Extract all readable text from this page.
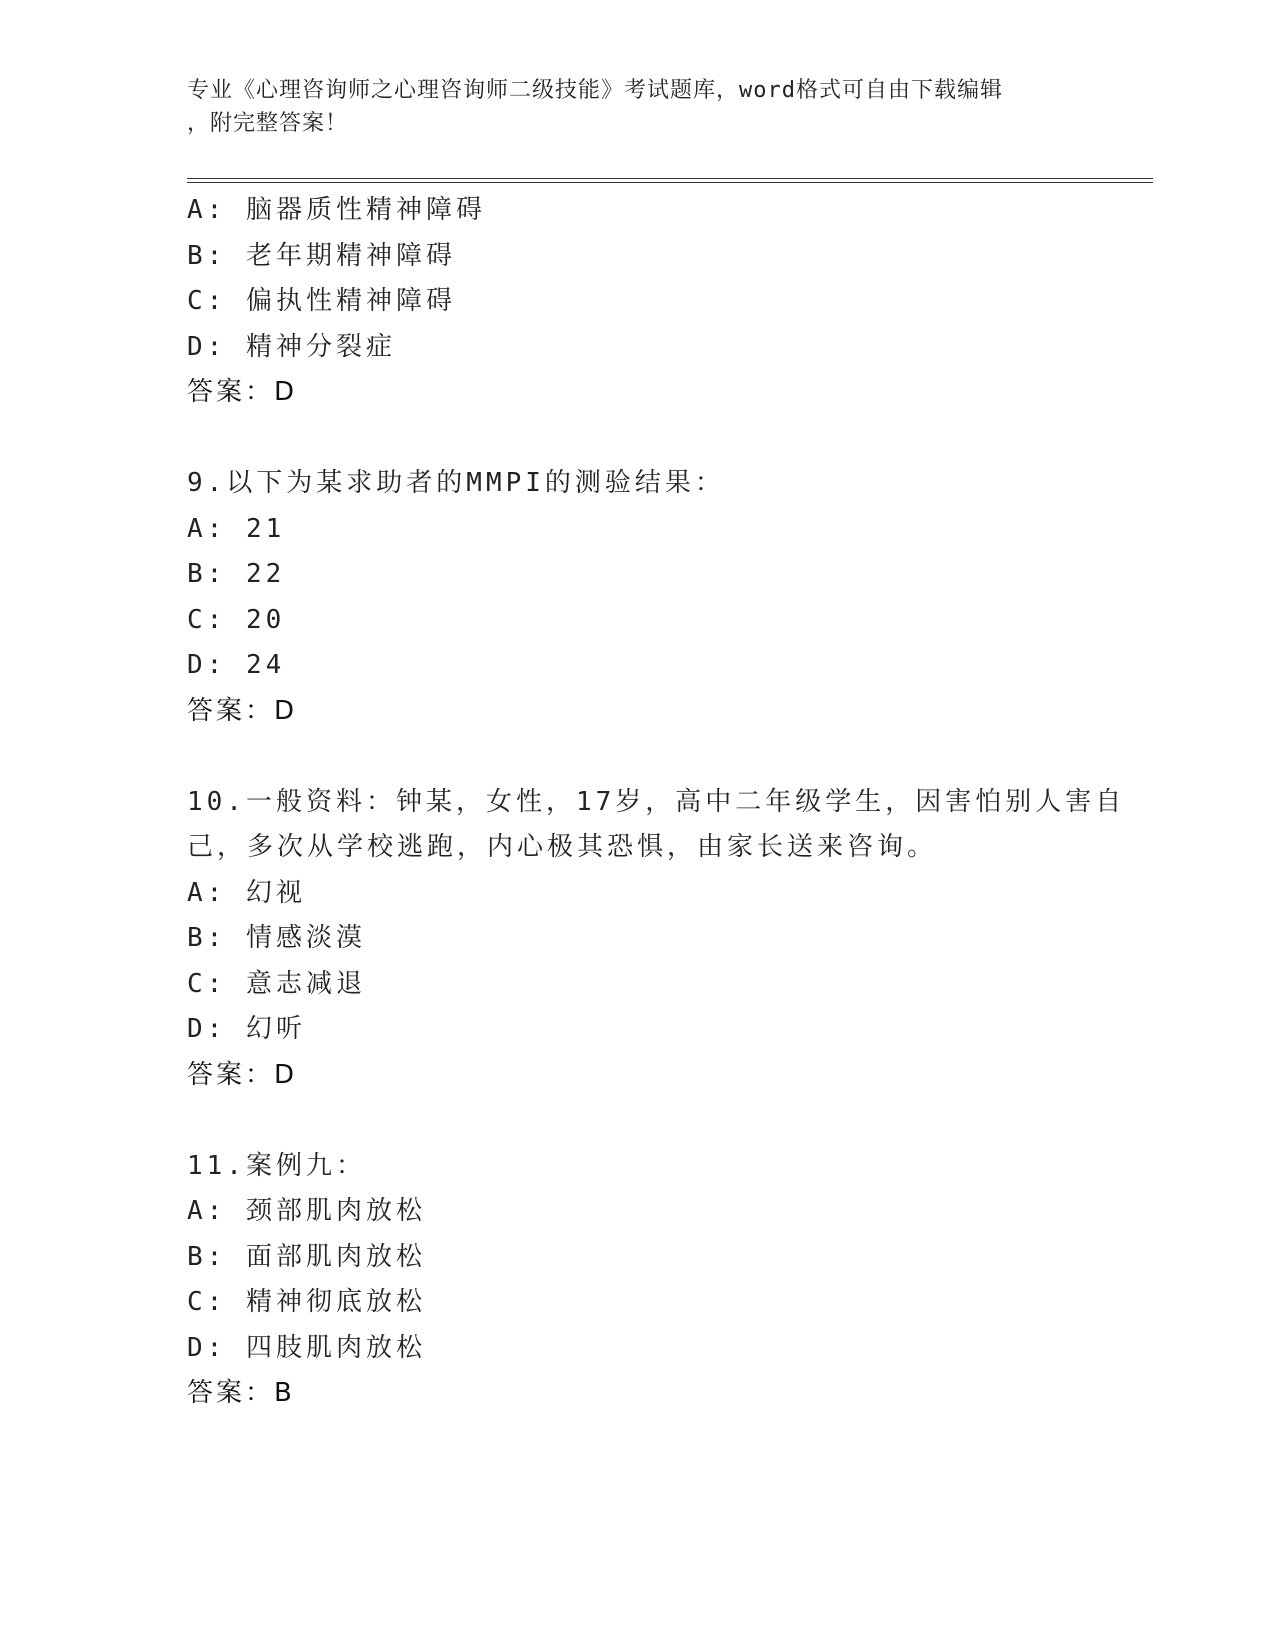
专业《心理咨询师之心理咨询师二级技能》考试题库，word格式可自由下载编辑
，附完整答案！
A: 脑器质性精神障碍
B: 老年期精神障碍
C: 偏执性精神障碍
D: 精神分裂症
答案：D
9.以下为某求助者的MMPI的测验结果：
A: 21
B: 22
C: 20
D: 24
答案：D
10.一般资料：钟某，女性，17岁，高中二年级学生，因害怕别人害自
己，多次从学校逃跑，内心极其恐惧，由家长送来咨询。
A: 幻视
B: 情感淡漠
C: 意志减退
D: 幻听
答案：D
11.案例九：
A: 颈部肌肉放松
B: 面部肌肉放松
C: 精神彻底放松
D: 四肢肌肉放松
答案：B
